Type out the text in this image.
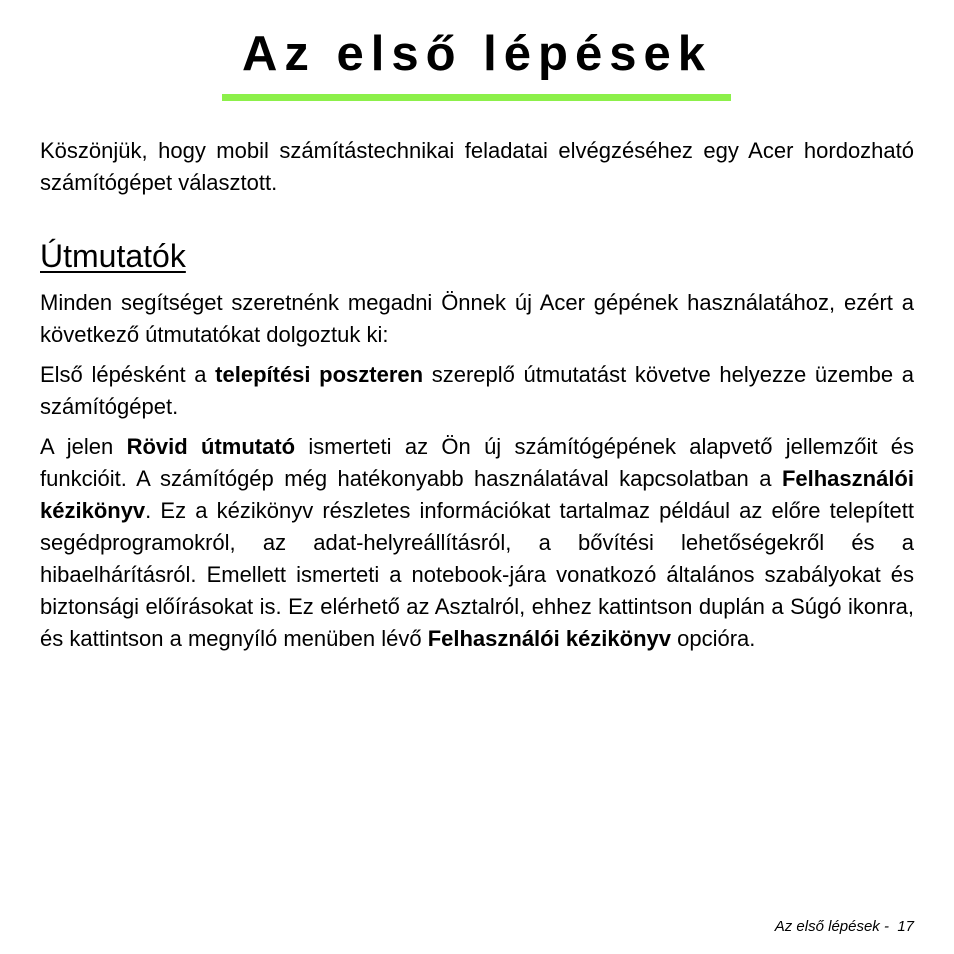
Az első lépések

Köszönjük, hogy mobil számítástechnikai feladatai elvégzéséhez egy Acer hordozható számítógépet választott.

Útmutatók

Minden segítséget szeretnénk megadni Önnek új Acer gépének használatához, ezért a következő útmutatókat dolgoztuk ki:

Első lépésként a telepítési poszteren szereplő útmutatást követve helyezze üzembe a számítógépet.

A jelen Rövid útmutató ismerteti az Ön új számítógépének alapvető jellemzőit és funkcióit. A számítógép még hatékonyabb használatával kapcsolatban a Felhasználói kézikönyv. Ez a kézikönyv részletes információkat tartalmaz például az előre telepített segédprogramokról, az adat-helyreállításról, a bővítési lehetőségekről és a hibaelhárításról. Emellett ismerteti a notebook-jára vonatkozó általános szabályokat és biztonsági előírásokat is. Ez elérhető az Asztalról, ehhez kattintson duplán a Súgó ikonra, és kattintson a megnyíló menüben lévő Felhasználói kézikönyv opcióra.

Az első lépések -  17
